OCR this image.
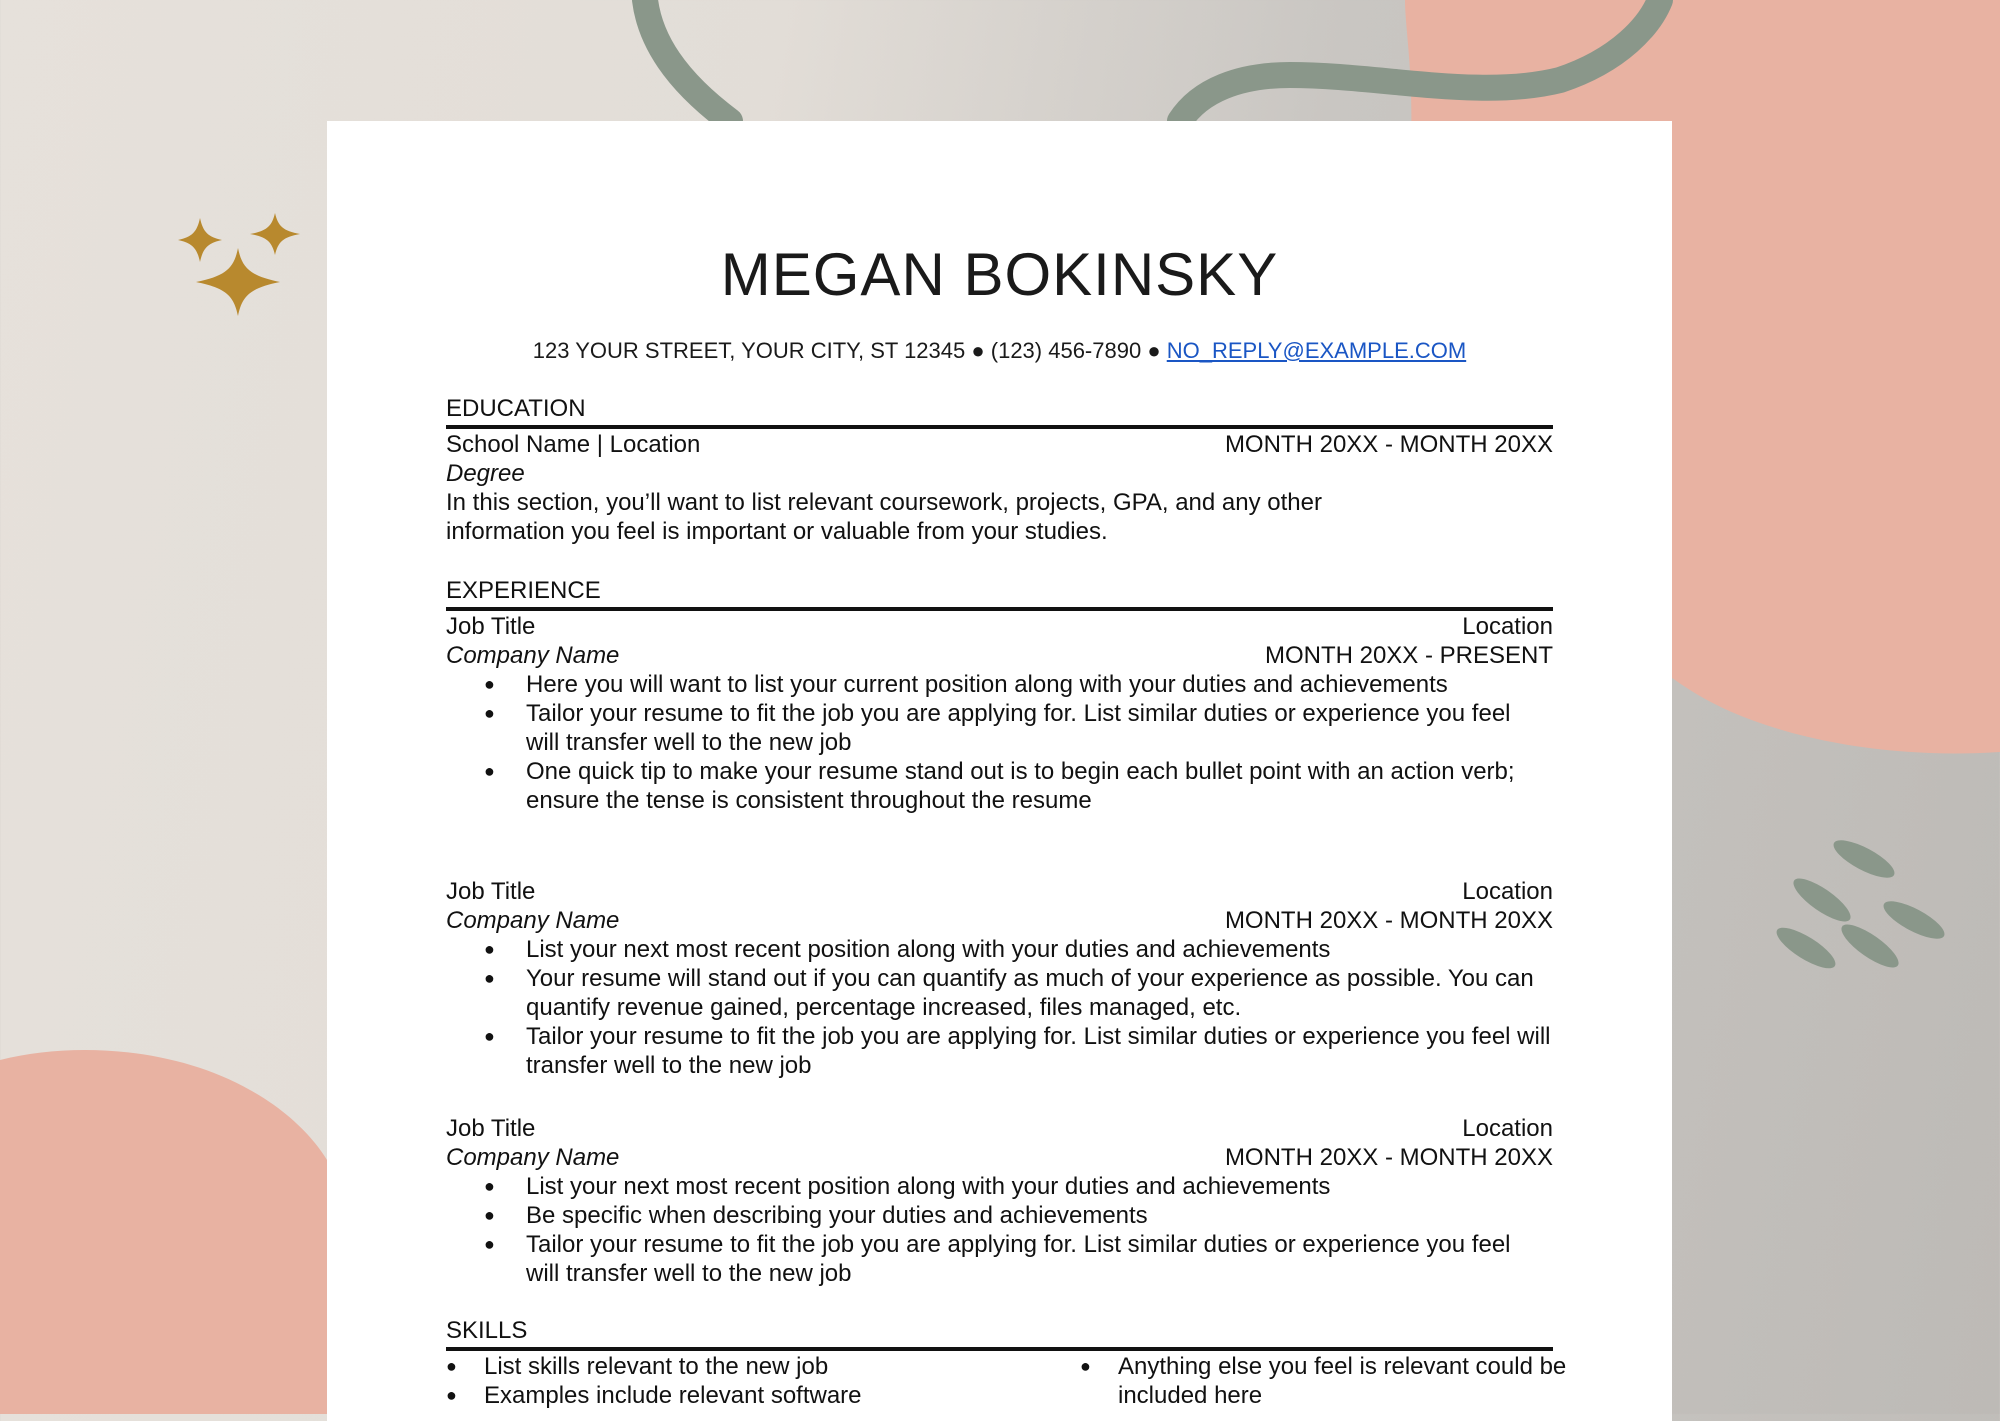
MEGAN BOKINSKY
123 YOUR STREET, YOUR CITY, ST 12345 ● (123) 456-7890 ● NO_REPLY@EXAMPLE.COM
EDUCATION
School Name | Location	MONTH 20XX - MONTH 20XX
Degree
In this section, you’ll want to list relevant coursework, projects, GPA, and any other information you feel is important or valuable from your studies.
EXPERIENCE
Job Title	Location
Company Name	MONTH 20XX - PRESENT
● Here you will want to list your current position along with your duties and achievements
● Tailor your resume to fit the job you are applying for. List similar duties or experience you feel will transfer well to the new job
● One quick tip to make your resume stand out is to begin each bullet point with an action verb; ensure the tense is consistent throughout the resume
Job Title	Location
Company Name	MONTH 20XX - MONTH 20XX
● List your next most recent position along with your duties and achievements
● Your resume will stand out if you can quantify as much of your experience as possible. You can quantify revenue gained, percentage increased, files managed, etc.
● Tailor your resume to fit the job you are applying for. List similar duties or experience you feel will transfer well to the new job
Job Title	Location
Company Name	MONTH 20XX - MONTH 20XX
● List your next most recent position along with your duties and achievements
● Be specific when describing your duties and achievements
● Tailor your resume to fit the job you are applying for. List similar duties or experience you feel will transfer well to the new job
SKILLS
● List skills relevant to the new job
● Examples include relevant software
● Anything else you feel is relevant could be included here
